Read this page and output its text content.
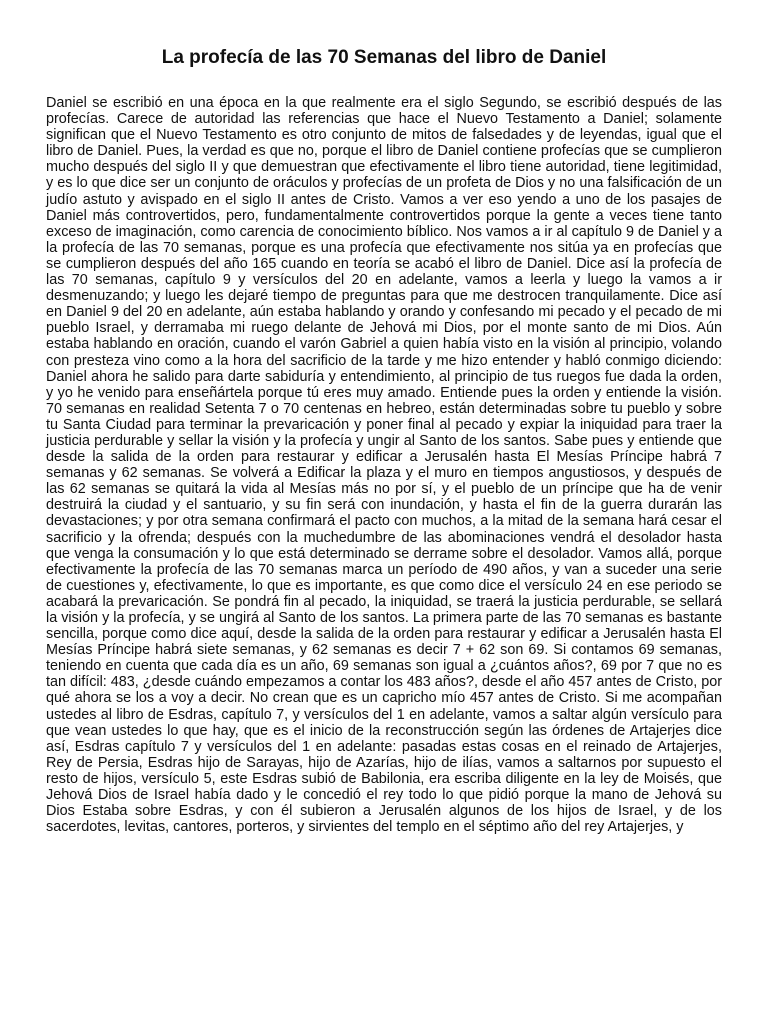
La profecía de las 70 Semanas del libro de Daniel

Daniel se escribió en una época en la que realmente era el siglo Segundo, se escribió después de las profecías. Carece de autoridad las referencias que hace el Nuevo Testamento a Daniel; solamente significan que el Nuevo Testamento es otro conjunto de mitos de falsedades y de leyendas, igual que el libro de Daniel. Pues, la verdad es que no, porque el libro de Daniel contiene profecías que se cumplieron mucho después del siglo II y que demuestran que efectivamente el libro tiene autoridad, tiene legitimidad, y es lo que dice ser un conjunto de oráculos y profecías de un profeta de Dios y no una falsificación de un judío astuto y avispado en el siglo II antes de Cristo. Vamos a ver eso yendo a uno de los pasajes de Daniel más controvertidos, pero, fundamentalmente controvertidos porque la gente a veces tiene tanto exceso de imaginación, como carencia de conocimiento bíblico. Nos vamos a ir al capítulo 9 de Daniel y a la profecía de las 70 semanas, porque es una profecía que efectivamente nos sitúa ya en profecías que se cumplieron después del año 165 cuando en teoría se acabó el libro de Daniel. Dice así la profecía de las 70 semanas, capítulo 9 y versículos del 20 en adelante, vamos a leerla y luego la vamos a ir desmenuzando; y luego les dejaré tiempo de preguntas para que me destrocen tranquilamente. Dice así en Daniel 9 del 20 en adelante, aún estaba hablando y orando y confesando mi pecado y el pecado de mi pueblo Israel, y derramaba mi ruego delante de Jehová mi Dios, por el monte santo de mi Dios. Aún estaba hablando en oración, cuando el varón Gabriel a quien había visto en la visión al principio, volando con presteza vino como a la hora del sacrificio de la tarde y me hizo entender y habló conmigo diciendo: Daniel ahora he salido para darte sabiduría y entendimiento, al principio de tus ruegos fue dada la orden, y yo he venido para enseñártela porque tú eres muy amado. Entiende pues la orden y entiende la visión. 70 semanas en realidad Setenta 7 o 70 centenas en hebreo, están determinadas sobre tu pueblo y sobre tu Santa Ciudad para terminar la prevaricación y poner final al pecado y expiar la iniquidad para traer la justicia perdurable y sellar la visión y la profecía y ungir al Santo de los santos. Sabe pues y entiende que desde la salida de la orden para restaurar y edificar a Jerusalén hasta El Mesías Príncipe habrá 7 semanas y 62 semanas. Se volverá a Edificar la plaza y el muro en tiempos angustiosos, y después de las 62 semanas se quitará la vida al Mesías más no por sí, y el pueblo de un príncipe que ha de venir destruirá la ciudad y el santuario, y su fin será con inundación, y hasta el fin de la guerra durarán las devastaciones; y por otra semana confirmará el pacto con muchos, a la mitad de la semana hará cesar el sacrificio y la ofrenda; después con la muchedumbre de las abominaciones vendrá el desolador hasta que venga la consumación y lo que está determinado se derrame sobre el desolador. Vamos allá, porque efectivamente la profecía de las 70 semanas marca un período de 490 años, y van a suceder una serie de cuestiones y, efectivamente, lo que es importante, es que como dice el versículo 24 en ese periodo se acabará la prevaricación. Se pondrá fin al pecado, la iniquidad, se traerá la justicia perdurable, se sellará la visión y la profecía, y se ungirá al Santo de los santos. La primera parte de las 70 semanas es bastante sencilla, porque como dice aquí, desde la salida de la orden para restaurar y edificar a Jerusalén hasta El Mesías Príncipe habrá siete semanas, y 62 semanas es decir 7 + 62 son 69. Si contamos 69 semanas, teniendo en cuenta que cada día es un año, 69 semanas son igual a ¿cuántos años?, 69 por 7 que no es tan difícil: 483, ¿desde cuándo empezamos a contar los 483 años?, desde el año 457 antes de Cristo, por qué ahora se los a voy a decir. No crean que es un capricho mío 457 antes de Cristo. Si me acompañan ustedes al libro de Esdras, capítulo 7, y versículos del 1 en adelante, vamos a saltar algún versículo para que vean ustedes lo que hay, que es el inicio de la reconstrucción según las órdenes de Artajerjes dice así, Esdras capítulo 7 y versículos del 1 en adelante: pasadas estas cosas en el reinado de Artajerjes, Rey de Persia, Esdras hijo de Sarayas, hijo de Azarías, hijo de ilías, vamos a saltarnos por supuesto el resto de hijos, versículo 5, este Esdras subió de Babilonia, era escriba diligente en la ley de Moisés, que Jehová Dios de Israel había dado y le concedió el rey todo lo que pidió porque la mano de Jehová su Dios Estaba sobre Esdras, y con él subieron a Jerusalén algunos de los hijos de Israel, y de los sacerdotes, levitas, cantores, porteros, y sirvientes del templo en el séptimo año del rey Artajerjes, y
